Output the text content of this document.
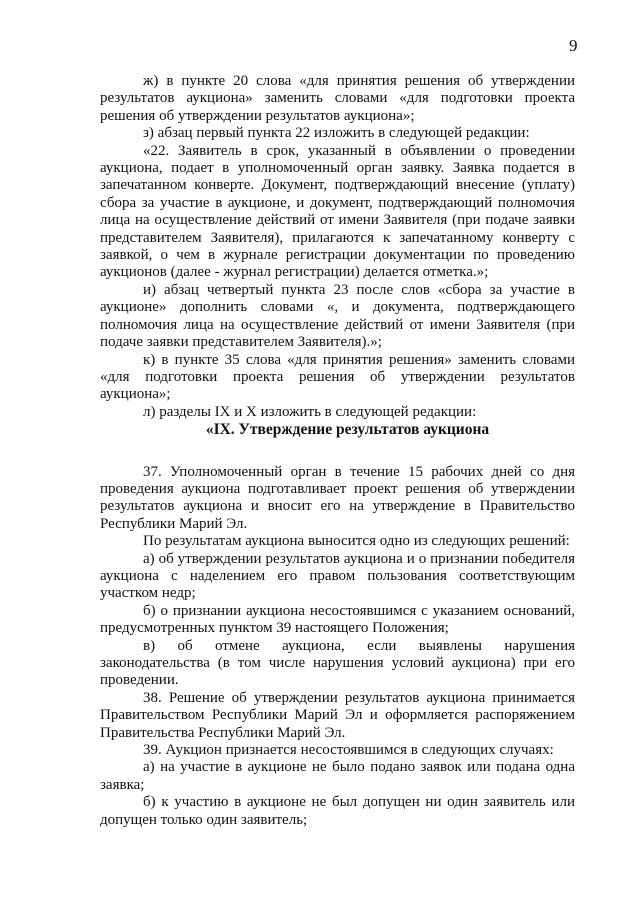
9

ж) в пункте 20 слова «для принятия решения об утверждении результатов аукциона» заменить словами «для подготовки проекта решения об утверждении результатов аукциона»;

з) абзац первый пункта 22 изложить в следующей редакции:

«22. Заявитель в срок, указанный в объявлении о проведении аукциона, подает в уполномоченный орган заявку. Заявка подается в запечатанном конверте. Документ, подтверждающий внесение (уплату) сбора за участие в аукционе, и документ, подтверждающий полномочия лица на осуществление действий от имени Заявителя (при подаче заявки представителем Заявителя), прилагаются к запечатанному конверту с заявкой, о чем в журнале регистрации документации по проведению аукционов (далее - журнал регистрации) делается отметка.»;

и) абзац четвертый пункта 23 после слов «сбора за участие в аукционе» дополнить словами «, и документа, подтверждающего полномочия лица на осуществление действий от имени Заявителя (при подаче заявки представителем Заявителя).»;

к) в пункте 35 слова «для принятия решения» заменить словами «для подготовки проекта решения об утверждении результатов аукциона»;

л) разделы IX и X изложить в следующей редакции:

«IX. Утверждение результатов аукциона

37. Уполномоченный орган в течение 15 рабочих дней со дня проведения аукциона подготавливает проект решения об утверждении результатов аукциона и вносит его на утверждение в Правительство Республики Марий Эл.

По результатам аукциона выносится одно из следующих решений:

а) об утверждении результатов аукциона и о признании победителя аукциона с наделением его правом пользования соответствующим участком недр;

б) о признании аукциона несостоявшимся с указанием оснований, предусмотренных пунктом 39 настоящего Положения;

в) об отмене аукциона, если выявлены нарушения законодательства (в том числе нарушения условий аукциона) при его проведении.

38. Решение об утверждении результатов аукциона принимается Правительством Республики Марий Эл и оформляется распоряжением Правительства Республики Марий Эл.

39. Аукцион признается несостоявшимся в следующих случаях:

а) на участие в аукционе не было подано заявок или подана одна заявка;

б) к участию в аукционе не был допущен ни один заявитель или допущен только один заявитель;
